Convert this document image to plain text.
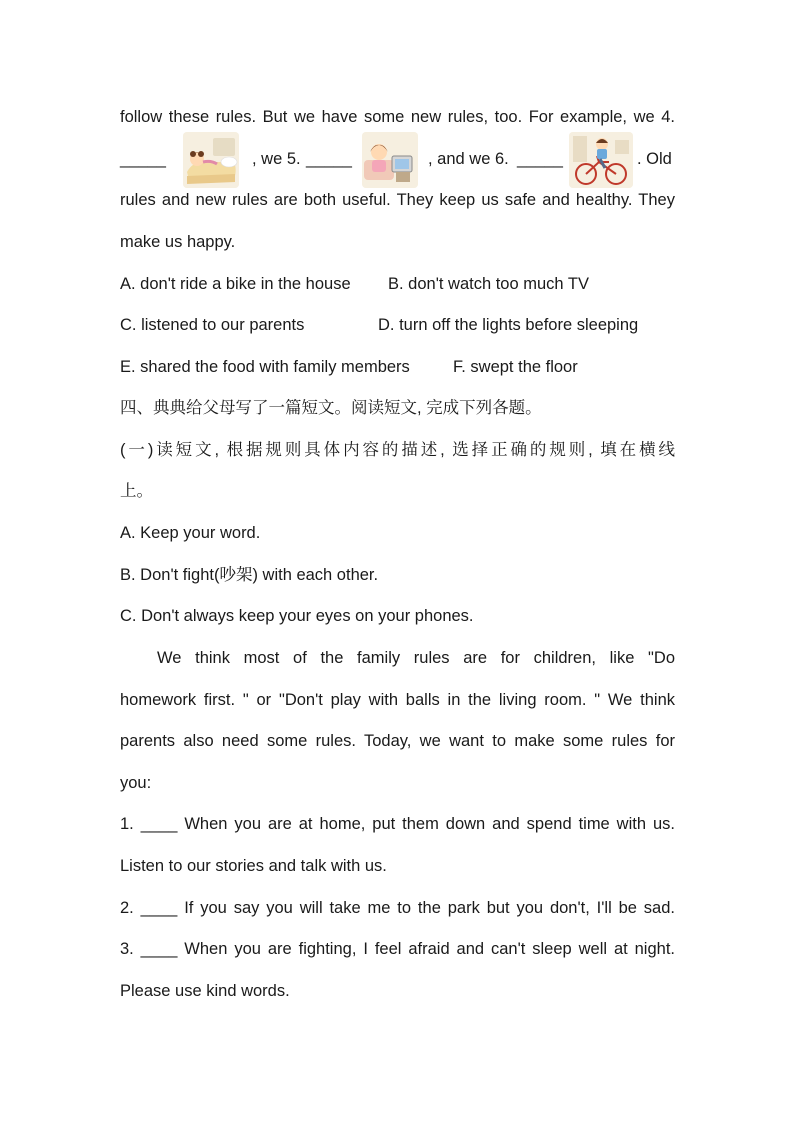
follow these rules. But we have some new rules, too. For example, we 4.
_____	, we 5. _____	, and we 6. _____	. Old
rules and new rules are both useful. They keep us safe and healthy. They
make us happy.
A. don't ride a bike in the house B. don't watch too much TV
C. listened to our parents	D. turn off the lights before sleeping
E. shared the food with family members	F. swept the floor
四、典典给父母写了一篇短文。阅读短文, 完成下列各题。
(一)读短文, 根据规则具体内容的描述, 选择正确的规则, 填在横线
上。
A. Keep your word.
B. Don't fight(吵架) with each other.
C. Don't always keep your eyes on your phones.
We think most of the family rules are for children, like "Do
homework first. " or "Don't play with balls in the living room. " We think
parents also need some rules. Today, we want to make some rules for
you:
1. ____ When you are at home, put them down and spend time with us.
Listen to our stories and talk with us.
2. ____ If you say you will take me to the park but you don't, I'll be sad.
3. ____ When you are fighting, I feel afraid and can't sleep well at night.
Please use kind words.
